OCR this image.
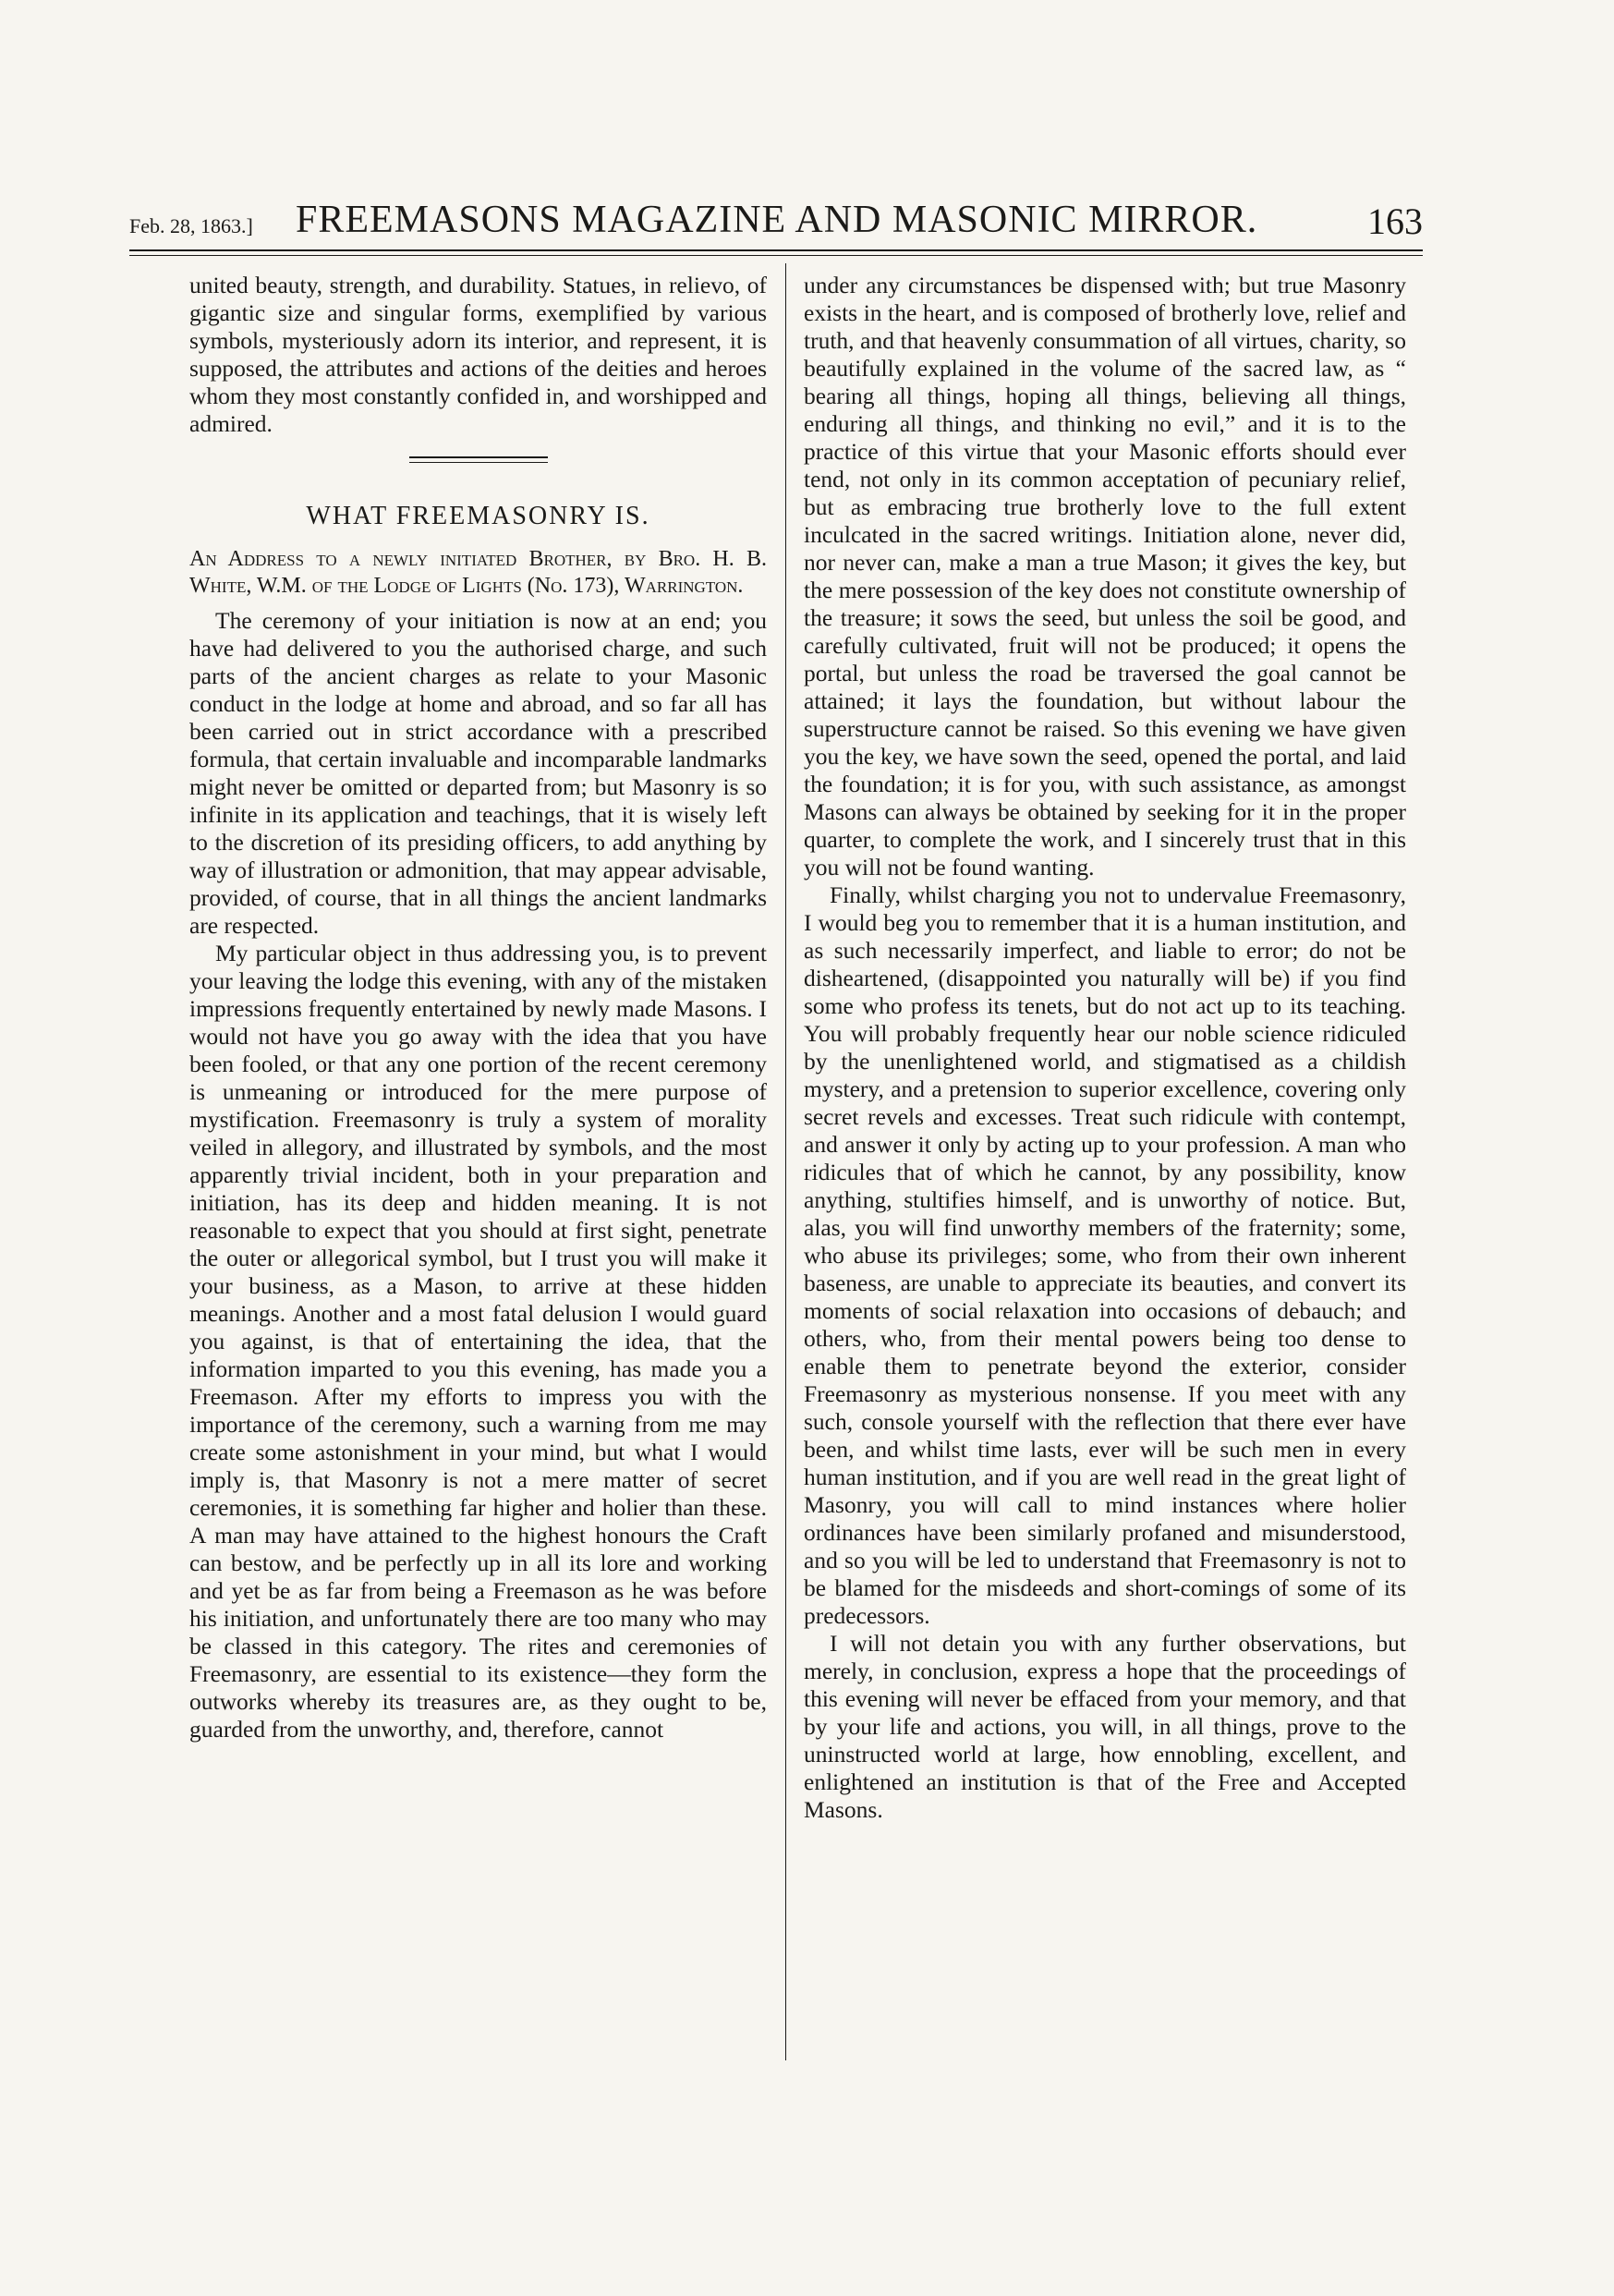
Feb. 28, 1863.] FREEMASONS MAGAZINE AND MASONIC MIRROR.	163

united beauty, strength, and durability. Statues, in relievo, of gigantic size and singular forms, exemplified by various symbols, mysteriously adorn its interior, and represent, it is supposed, the attributes and actions of the deities and heroes whom they most constantly confided in, and worshipped and admired.

WHAT FREEMASONRY IS.
An Address to a newly initiated Brother, by Bro. H. B. White, W.M. of the Lodge of Lights (No. 173), Warrington.

The ceremony of your initiation is now at an end; you have had delivered to you the authorised charge, and such parts of the ancient charges as relate to your Masonic conduct in the lodge at home and abroad, and so far all has been carried out in strict accordance with a prescribed formula, that certain invaluable and incomparable landmarks might never be omitted or departed from; but Masonry is so infinite in its application and teachings, that it is wisely left to the discretion of its presiding officers, to add anything by way of illustration or admonition, that may appear advisable, provided, of course, that in all things the ancient landmarks are respected.

My particular object in thus addressing you, is to prevent your leaving the lodge this evening, with any of the mistaken impressions frequently entertained by newly made Masons. I would not have you go away with the idea that you have been fooled, or that any one portion of the recent ceremony is unmeaning or introduced for the mere purpose of mystification. Freemasonry is truly a system of morality veiled in allegory, and illustrated by symbols, and the most apparently trivial incident, both in your preparation and initiation, has its deep and hidden meaning. It is not reasonable to expect that you should at first sight, penetrate the outer or allegorical symbol, but I trust you will make it your business, as a Mason, to arrive at these hidden meanings. Another and a most fatal delusion I would guard you against, is that of entertaining the idea, that the information imparted to you this evening, has made you a Freemason. After my efforts to impress you with the importance of the ceremony, such a warning from me may create some astonishment in your mind, but what I would imply is, that Masonry is not a mere matter of secret ceremonies, it is something far higher and holier than these. A man may have attained to the highest honours the Craft can bestow, and be perfectly up in all its lore and working and yet be as far from being a Freemason as he was before his initiation, and unfortunately there are too many who may be classed in this category. The rites and ceremonies of Freemasonry, are essential to its existence—they form the outworks whereby its treasures are, as they ought to be, guarded from the unworthy, and, therefore, cannot

under any circumstances be dispensed with; but true Masonry exists in the heart, and is composed of brotherly love, relief and truth, and that heavenly consummation of all virtues, charity, so beautifully explained in the volume of the sacred law, as “ bearing all things, hoping all things, believing all things, enduring all things, and thinking no evil,” and it is to the practice of this virtue that your Masonic efforts should ever tend, not only in its common acceptation of pecuniary relief, but as embracing true brotherly love to the full extent inculcated in the sacred writings. Initiation alone, never did, nor never can, make a man a true Mason; it gives the key, but the mere possession of the key does not constitute ownership of the treasure; it sows the seed, but unless the soil be good, and carefully cultivated, fruit will not be produced; it opens the portal, but unless the road be traversed the goal cannot be attained; it lays the foundation, but without labour the superstructure cannot be raised. So this evening we have given you the key, we have sown the seed, opened the portal, and laid the foundation; it is for you, with such assistance, as amongst Masons can always be obtained by seeking for it in the proper quarter, to complete the work, and I sincerely trust that in this you will not be found wanting.

Finally, whilst charging you not to undervalue Freemasonry, I would beg you to remember that it is a human institution, and as such necessarily imperfect, and liable to error; do not be disheartened, (disappointed you naturally will be) if you find some who profess its tenets, but do not act up to its teaching. You will probably frequently hear our noble science ridiculed by the unenlightened world, and stigmatised as a childish mystery, and a pretension to superior excellence, covering only secret revels and excesses. Treat such ridicule with contempt, and answer it only by acting up to your profession. A man who ridicules that of which he cannot, by any possibility, know anything, stultifies himself, and is unworthy of notice. But, alas, you will find unworthy members of the fraternity; some, who abuse its privileges; some, who from their own inherent baseness, are unable to appreciate its beauties, and convert its moments of social relaxation into occasions of debauch; and others, who, from their mental powers being too dense to enable them to penetrate beyond the exterior, consider Freemasonry as mysterious nonsense. If you meet with any such, console yourself with the reflection that there ever have been, and whilst time lasts, ever will be such men in every human institution, and if you are well read in the great light of Masonry, you will call to mind instances where holier ordinances have been similarly profaned and misunderstood, and so you will be led to understand that Freemasonry is not to be blamed for the misdeeds and short-comings of some of its predecessors.

I will not detain you with any further observations, but merely, in conclusion, express a hope that the proceedings of this evening will never be effaced from your memory, and that by your life and actions, you will, in all things, prove to the uninstructed world at large, how ennobling, excellent, and enlightened an institution is that of the Free and Accepted Masons.
